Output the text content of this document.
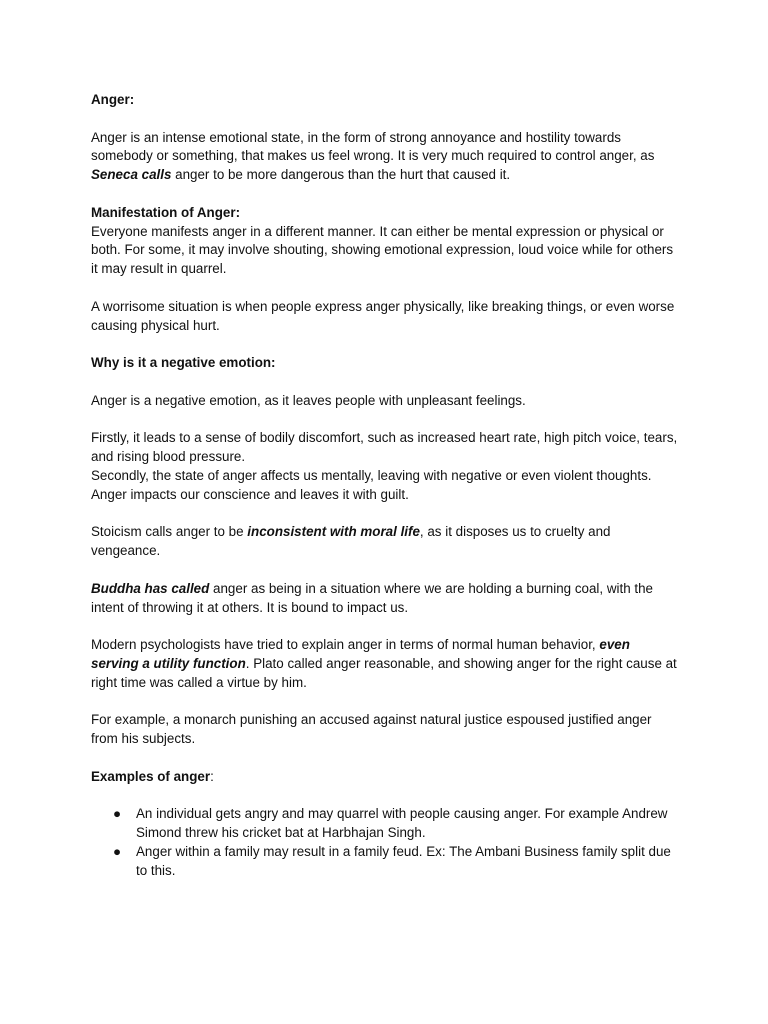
Anger:

Anger is an intense emotional state, in the form of strong annoyance and hostility towards somebody or something, that makes us feel wrong. It is very much required to control anger, as Seneca calls anger to be more dangerous than the hurt that caused it.

Manifestation of Anger:

Everyone manifests anger in a different manner. It can either be mental expression or physical or both. For some, it may involve shouting, showing emotional expression, loud voice while for others it may result in quarrel.

A worrisome situation is when people express anger physically, like breaking things, or even worse causing physical hurt.

Why is it a negative emotion:

Anger is a negative emotion, as it leaves people with unpleasant feelings.

Firstly, it leads to a sense of bodily discomfort, such as increased heart rate, high pitch voice, tears, and rising blood pressure.

Secondly, the state of anger affects us mentally, leaving with negative or even violent thoughts. Anger impacts our conscience and leaves it with guilt.

Stoicism calls anger to be inconsistent with moral life, as it disposes us to cruelty and vengeance.

Buddha has called anger as being in a situation where we are holding a burning coal, with the intent of throwing it at others. It is bound to impact us.

Modern psychologists have tried to explain anger in terms of normal human behavior, even serving a utility function. Plato called anger reasonable, and showing anger for the right cause at right time was called a virtue by him.

For example, a monarch punishing an accused against natural justice espoused justified anger from his subjects.

Examples of anger:

● An individual gets angry and may quarrel with people causing anger. For example Andrew Simond threw his cricket bat at Harbhajan Singh.
● Anger within a family may result in a family feud. Ex: The Ambani Business family split due to this.
